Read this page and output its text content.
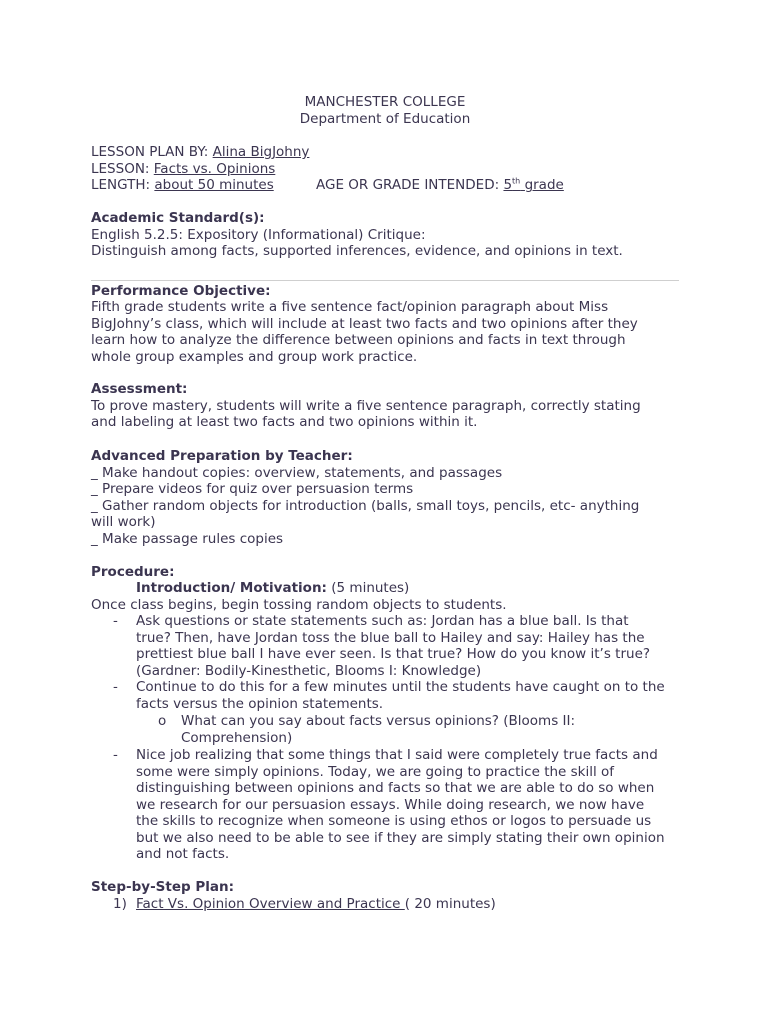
MANCHESTER COLLEGE
Department of Education
LESSON PLAN BY: Alina BigJohny
LESSON: Facts vs. Opinions
LENGTH: about 50 minutes	AGE OR GRADE INTENDED: 5th grade
Academic Standard(s):
English 5.2.5: Expository (Informational) Critique:
Distinguish among facts, supported inferences, evidence, and opinions in text.
Performance Objective:
Fifth grade students write a five sentence fact/opinion paragraph about Miss
BigJohny’s class, which will include at least two facts and two opinions after they
learn how to analyze the difference between opinions and facts in text through
whole group examples and group work practice.
Assessment:
To prove mastery, students will write a five sentence paragraph, correctly stating
and labeling at least two facts and two opinions within it.
Advanced Preparation by Teacher:
_ Make handout copies: overview, statements, and passages
_ Prepare videos for quiz over persuasion terms
_ Gather random objects for introduction (balls, small toys, pencils, etc- anything
will work)
_ Make passage rules copies
Procedure:
Introduction/ Motivation: (5 minutes)
Once class begins, begin tossing random objects to students.
- Ask questions or state statements such as: Jordan has a blue ball. Is that
true? Then, have Jordan toss the blue ball to Hailey and say: Hailey has the
prettiest blue ball I have ever seen. Is that true? How do you know it’s true?
(Gardner: Bodily-Kinesthetic, Blooms I: Knowledge)
- Continue to do this for a few minutes until the students have caught on to the
facts versus the opinion statements.
o What can you say about facts versus opinions? (Blooms II:
Comprehension)
- Nice job realizing that some things that I said were completely true facts and
some were simply opinions. Today, we are going to practice the skill of
distinguishing between opinions and facts so that we are able to do so when
we research for our persuasion essays. While doing research, we now have
the skills to recognize when someone is using ethos or logos to persuade us
but we also need to be able to see if they are simply stating their own opinion
and not facts.
Step-by-Step Plan:
1) Fact Vs. Opinion Overview and Practice ( 20 minutes)
